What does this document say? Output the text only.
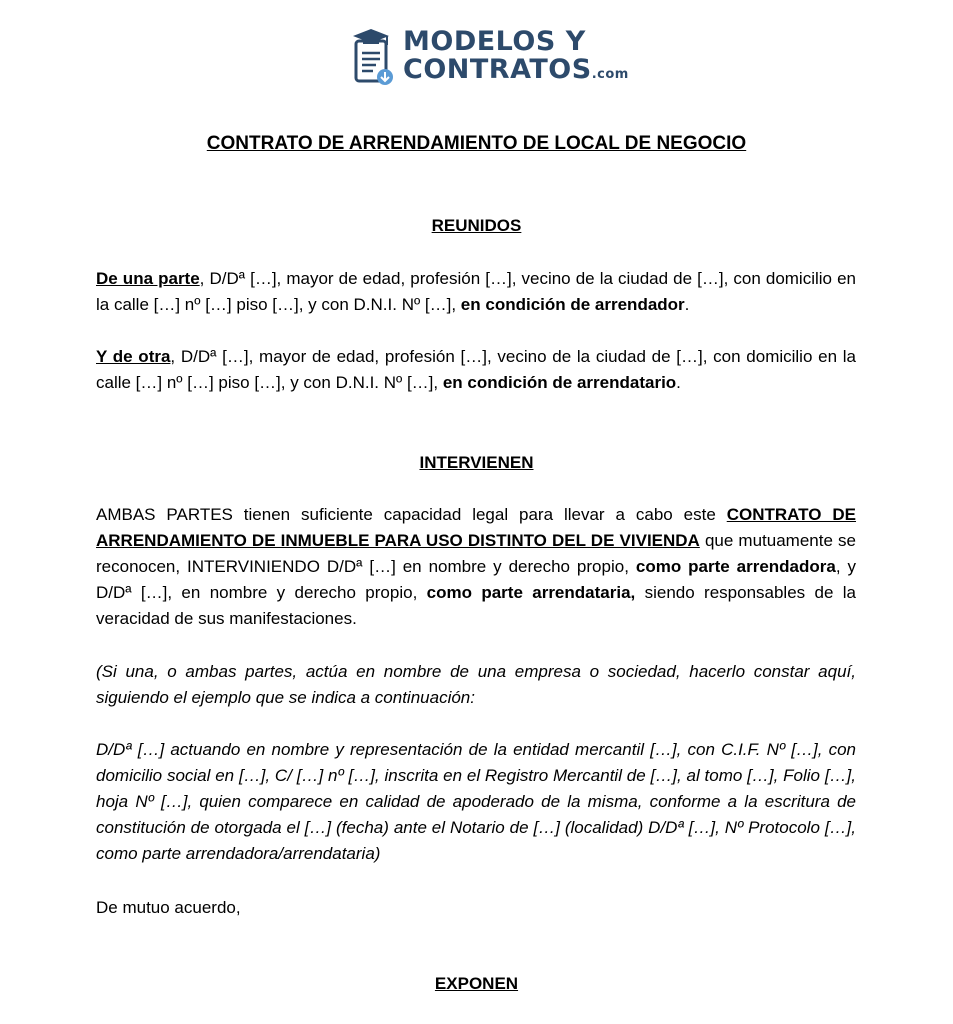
MODELOS Y
CONTRATOS.com
CONTRATO DE ARRENDAMIENTO DE LOCAL DE NEGOCIO
REUNIDOS

De una parte, D/Dª […], mayor de edad, profesión […], vecino de la ciudad de […], con domicilio en la calle […] nº […] piso […], y con D.N.I. Nº […], en condición de arrendador.

Y de otra, D/Dª […], mayor de edad, profesión […], vecino de la ciudad de […], con domicilio en la calle […] nº […] piso […], y con D.N.I. Nº […], en condición de arrendatario.

INTERVIENEN

AMBAS PARTES tienen suficiente capacidad legal para llevar a cabo este CONTRATO DE ARRENDAMIENTO DE INMUEBLE PARA USO DISTINTO DEL DE VIVIENDA que mutuamente se reconocen, INTERVINIENDO D/Dª […] en nombre y derecho propio, como parte arrendadora, y D/Dª […], en nombre y derecho propio, como parte arrendataria, siendo responsables de la veracidad de sus manifestaciones.

(Si una, o ambas partes, actúa en nombre de una empresa o sociedad, hacerlo constar aquí, siguiendo el ejemplo que se indica a continuación:

D/Dª […] actuando en nombre y representación de la entidad mercantil […], con C.I.F. Nº […], con domicilio social en […], C/ […] nº […], inscrita en el Registro Mercantil de […], al tomo […], Folio […], hoja Nº […], quien comparece en calidad de apoderado de la misma, conforme a la escritura de constitución de otorgada el […] (fecha) ante el Notario de […] (localidad) D/Dª […], Nº Protocolo […], como parte arrendadora/arrendataria)

De mutuo acuerdo,

EXPONEN
